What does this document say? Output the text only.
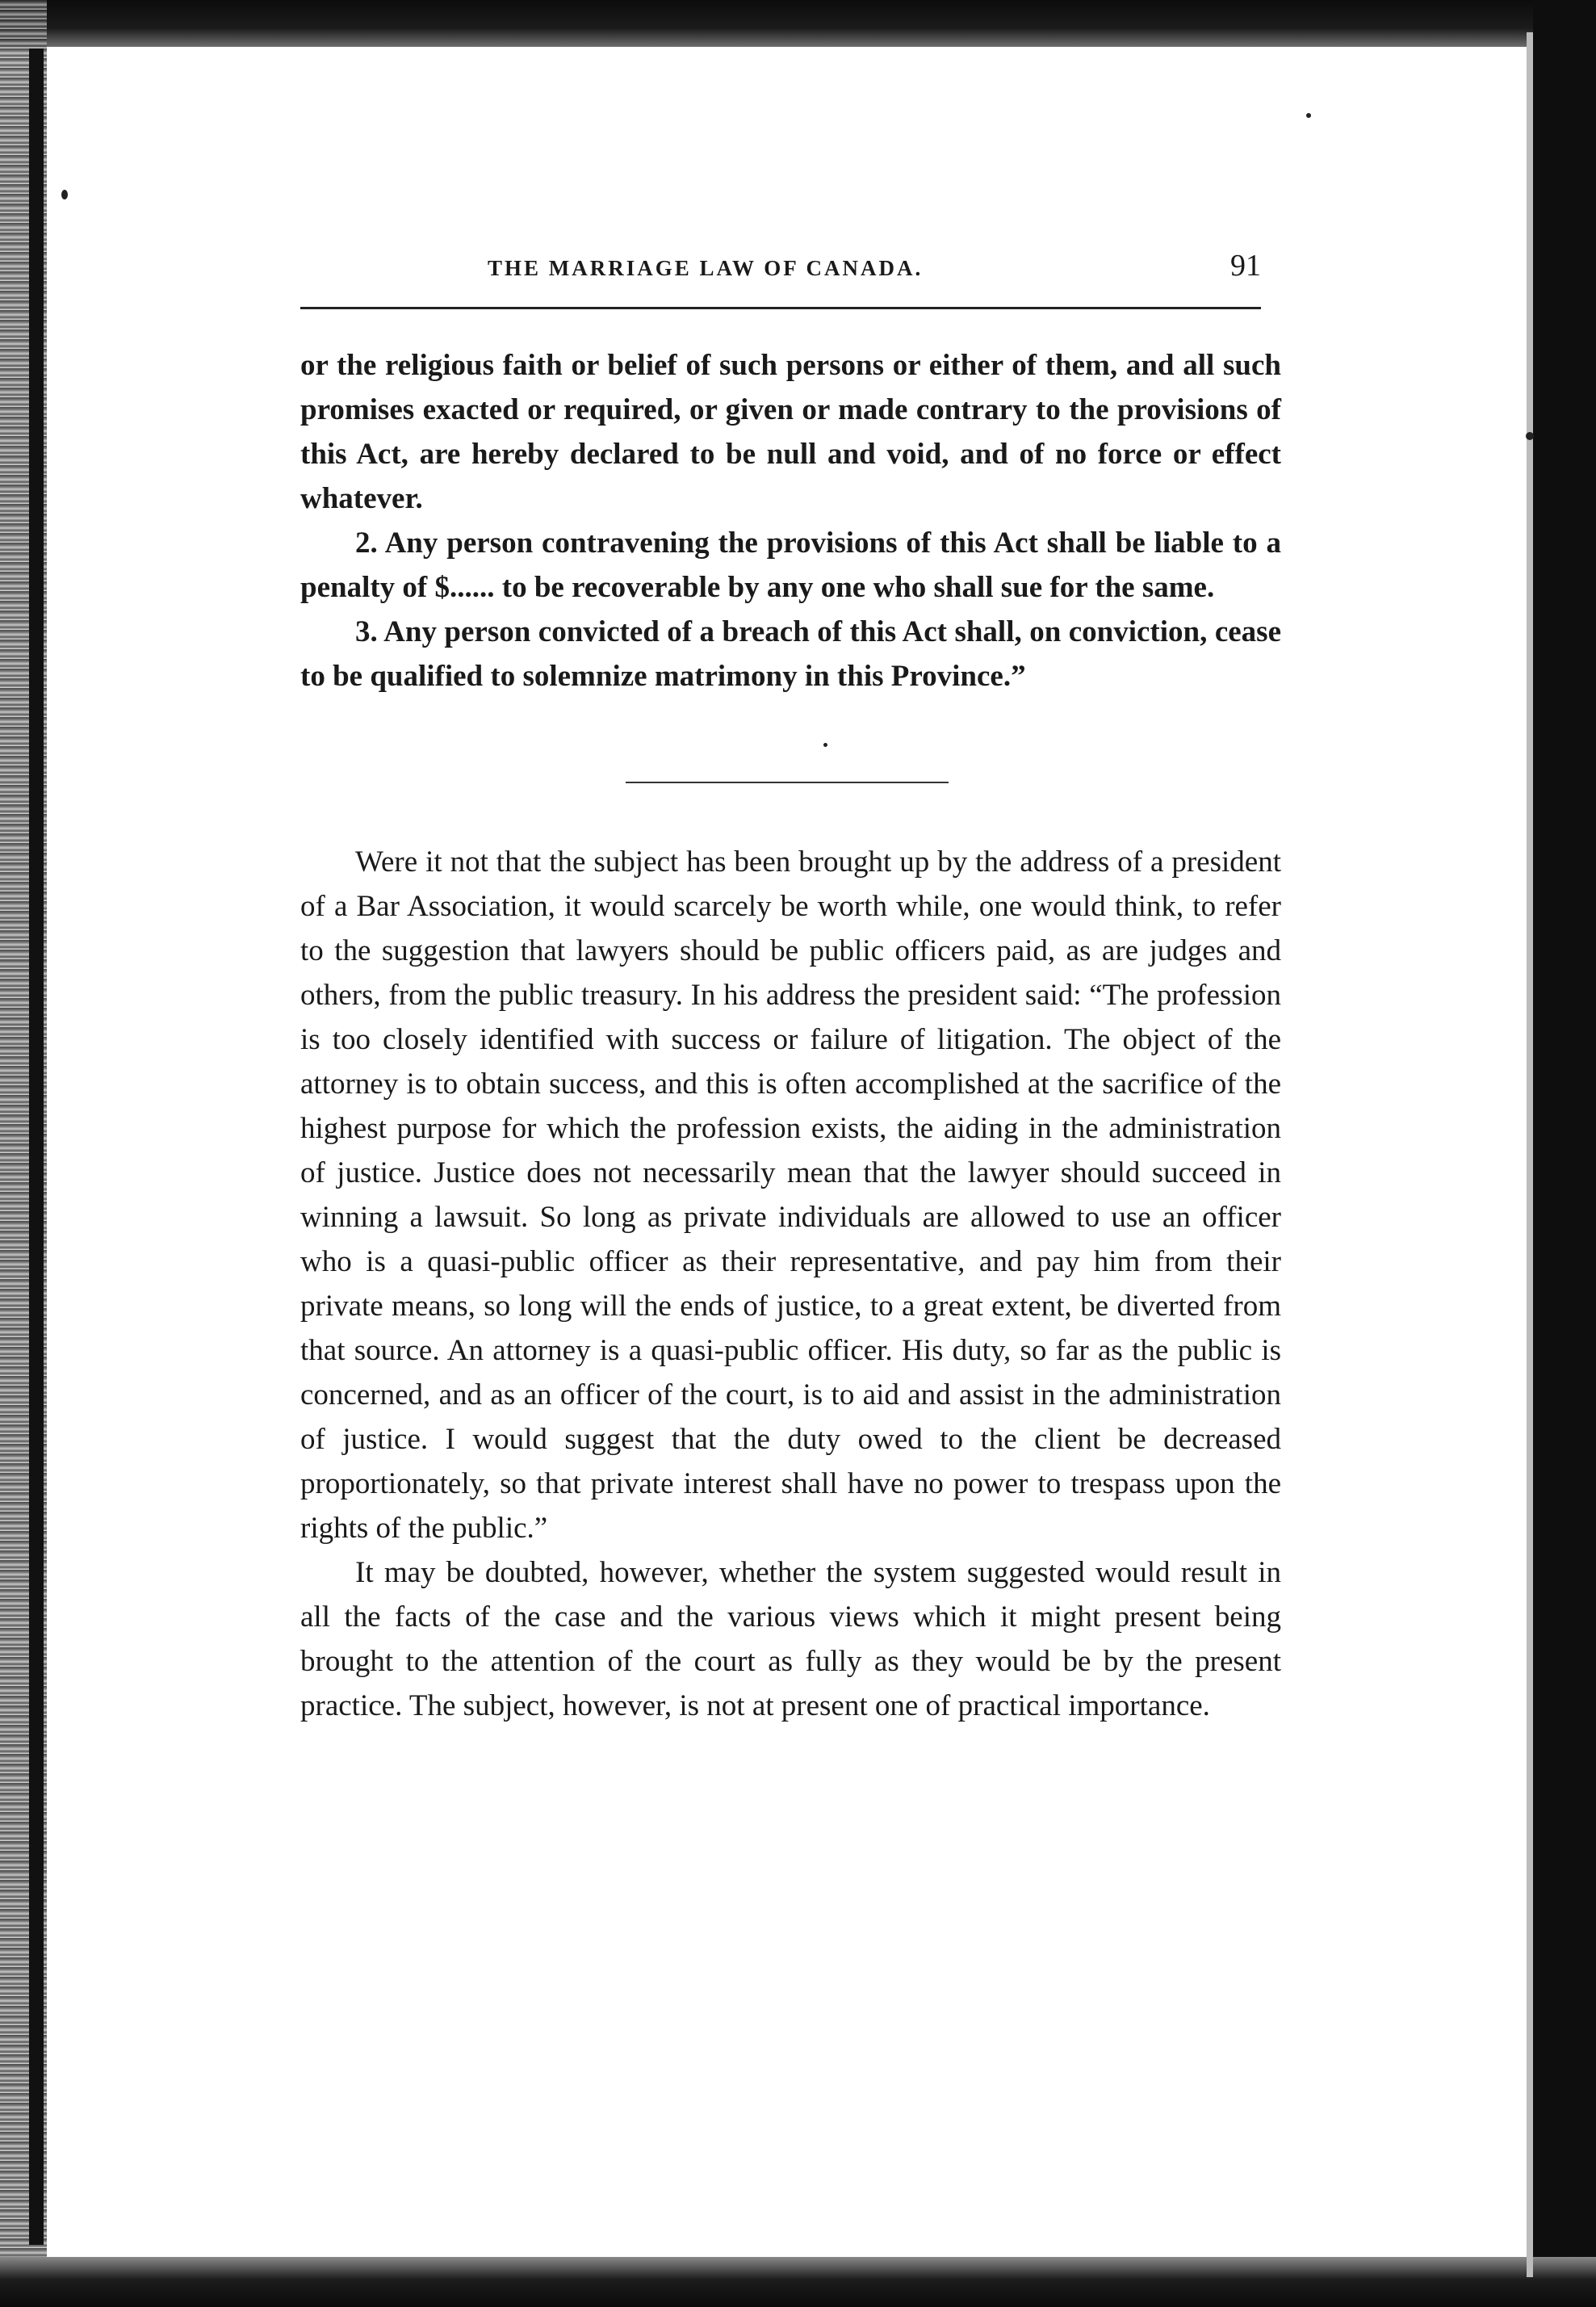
THE MARRIAGE LAW OF CANADA.	91

or the religious faith or belief of such persons or either of them, and all such promises exacted or required, or given or made contrary to the provisions of this Act, are hereby declared to be null and void, and of no force or effect whatever.

2. Any person contravening the provisions of this Act shall be liable to a penalty of $...... to be recoverable by any one who shall sue for the same.

3. Any person convicted of a breach of this Act shall, on conviction, cease to be qualified to solemnize matrimony in this Province.”

Were it not that the subject has been brought up by the address of a president of a Bar Association, it would scarcely be worth while, one would think, to refer to the suggestion that lawyers should be public officers paid, as are judges and others, from the public treasury. In his address the president said: “The profession is too closely identified with success or failure of litigation. The object of the attorney is to obtain success, and this is often accomplished at the sacrifice of the highest purpose for which the profession exists, the aiding in the administration of justice. Justice does not necessarily mean that the lawyer should succeed in winning a lawsuit. So long as private individuals are allowed to use an officer who is a quasi-public officer as their representative, and pay him from their private means, so long will the ends of justice, to a great extent, be diverted from that source. An attorney is a quasi-public officer. His duty, so far as the public is concerned, and as an officer of the court, is to aid and assist in the administration of justice. I would suggest that the duty owed to the client be decreased proportionately, so that private interest shall have no power to trespass upon the rights of the public.”

It may be doubted, however, whether the system suggested would result in all the facts of the case and the various views which it might present being brought to the attention of the court as fully as they would be by the present practice. The subject, however, is not at present one of practical importance.
